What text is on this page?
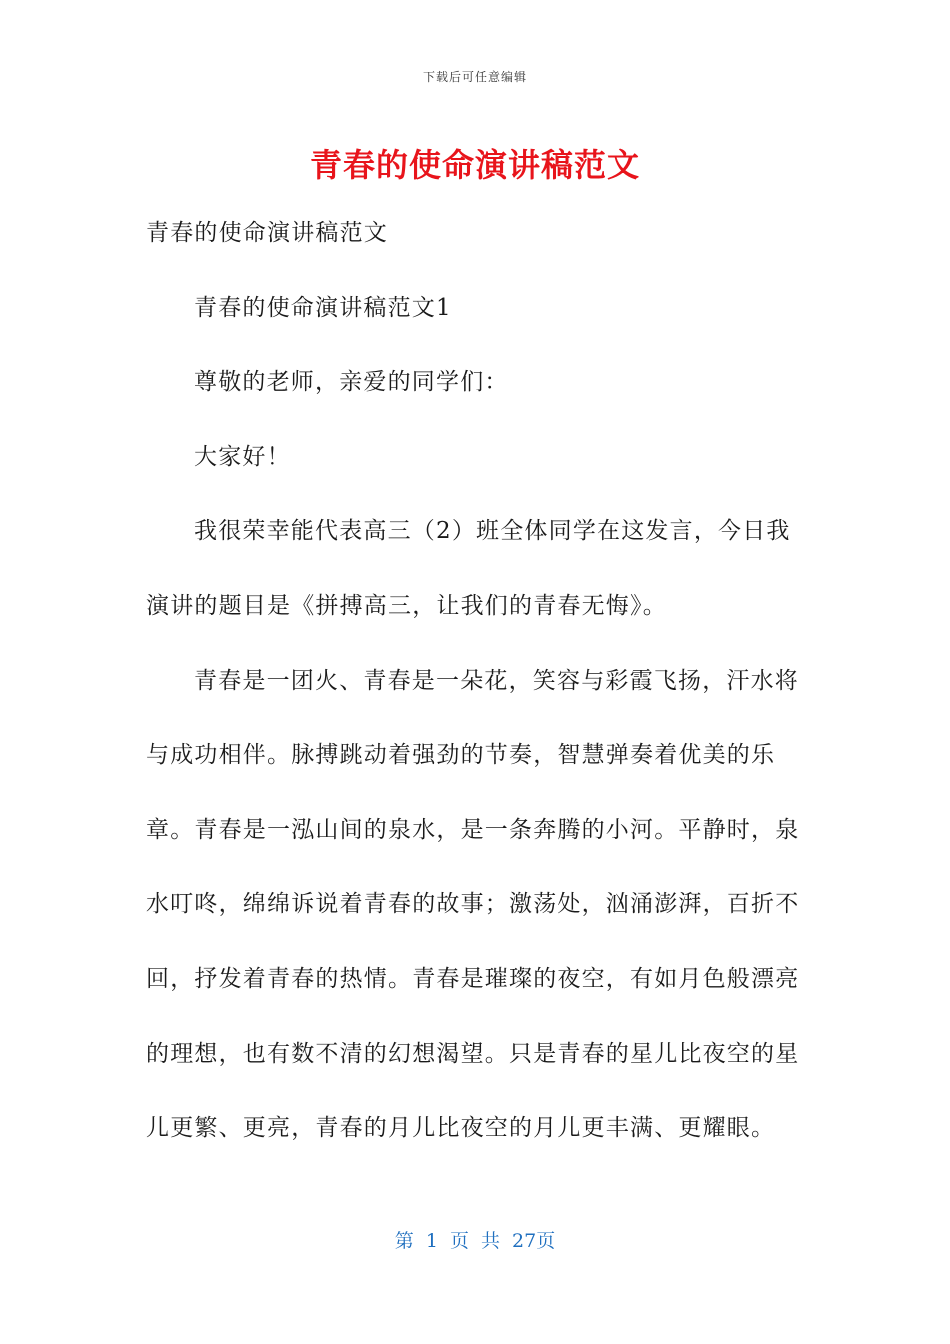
下载后可任意编辑
青春的使命演讲稿范文

青春的使命演讲稿范文

青春的使命演讲稿范文1

尊敬的老师，亲爱的同学们：

大家好！

我很荣幸能代表高三（2）班全体同学在这发言，今日我演讲的题目是《拼搏高三，让我们的青春无悔》。

青春是一团火、青春是一朵花，笑容与彩霞飞扬，汗水将与成功相伴。脉搏跳动着强劲的节奏，智慧弹奏着优美的乐章。青春是一泓山间的泉水，是一条奔腾的小河。平静时，泉水叮咚，绵绵诉说着青春的故事；激荡处，汹涌澎湃，百折不回，抒发着青春的热情。青春是璀璨的夜空，有如月色般漂亮的理想，也有数不清的幻想渴望。只是青春的星儿比夜空的星儿更繁、更亮，青春的月儿比夜空的月儿更丰满、更耀眼。

第 1 页 共 27页
